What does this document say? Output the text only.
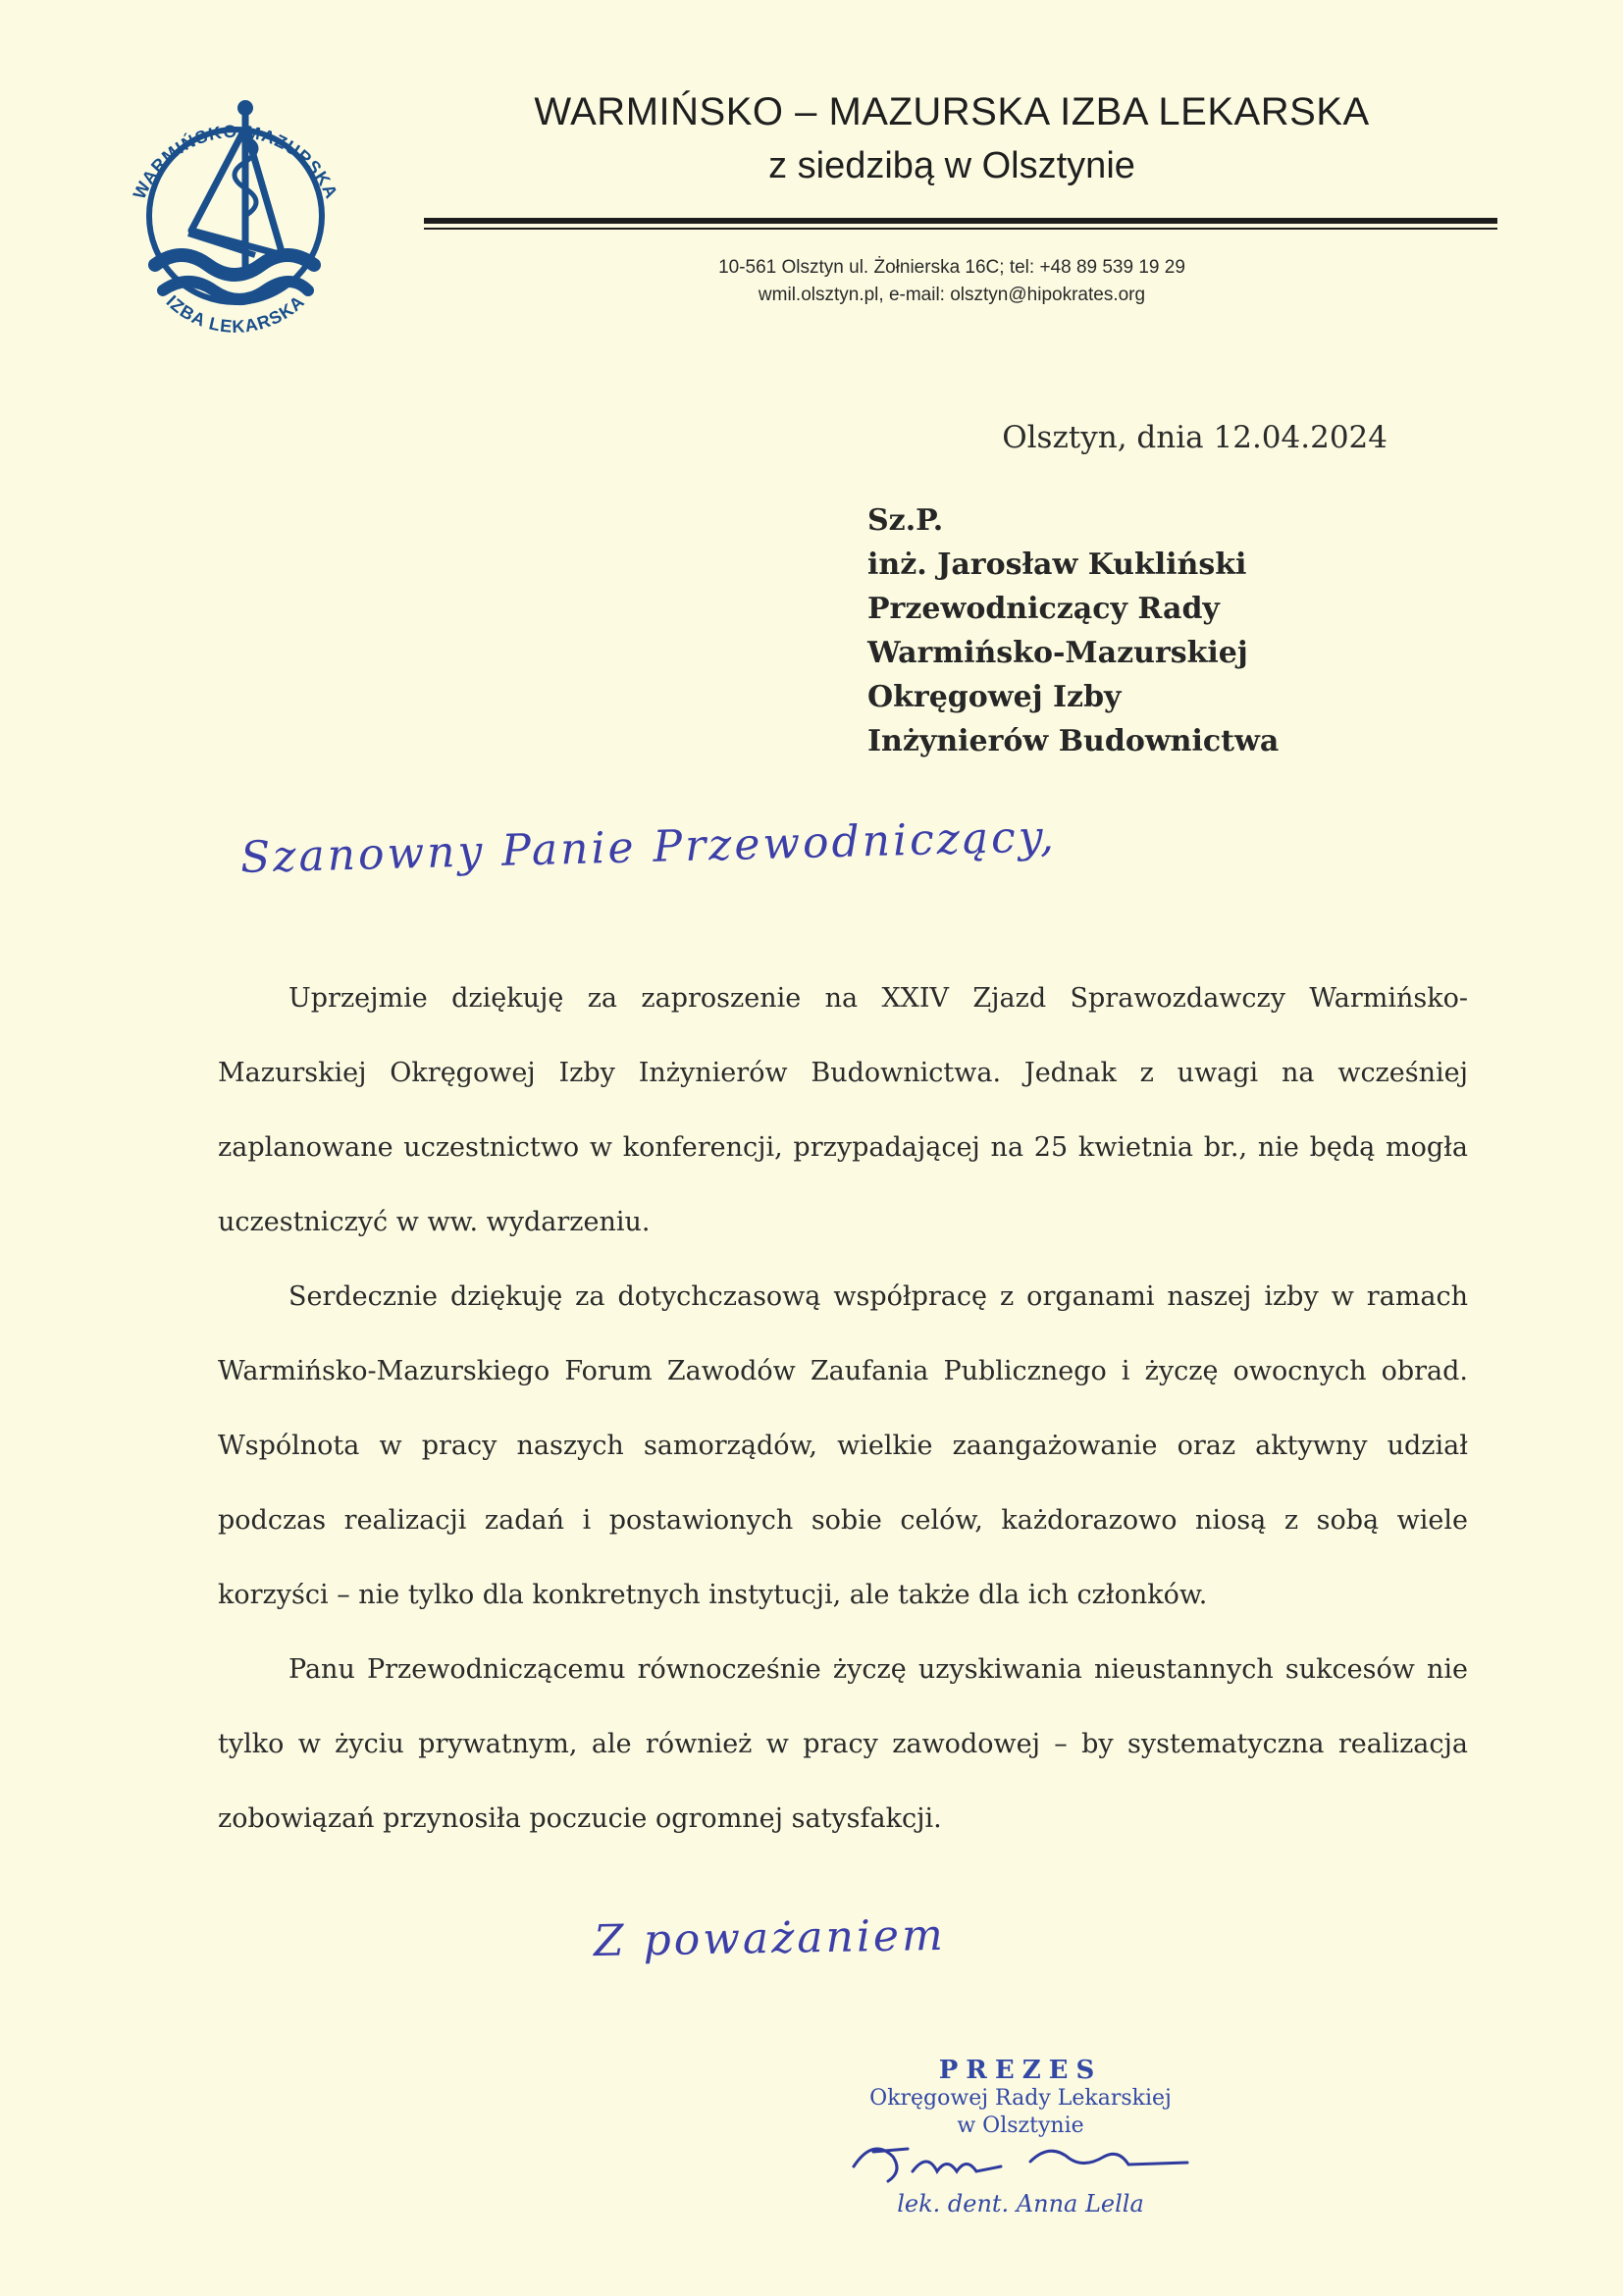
WARMIŃSKO-MAZURSKA
IZBA LEKARSKA
WARMIŃSKO – MAZURSKA IZBA LEKARSKA
z siedzibą w Olsztynie
10-561 Olsztyn ul. Żołnierska 16C; tel: +48 89 539 19 29
wmil.olsztyn.pl, e-mail: olsztyn@hipokrates.org
Olsztyn, dnia 12.04.2024
Sz.P.
inż. Jarosław Kukliński
Przewodniczący Rady
Warmińsko-Mazurskiej
Okręgowej Izby
Inżynierów Budownictwa
Szanowny Panie Przewodniczący,

Uprzejmie dziękuję za zaproszenie na XXIV Zjazd Sprawozdawczy Warmińsko-Mazurskiej Okręgowej Izby Inżynierów Budownictwa. Jednak z uwagi na wcześniej zaplanowane uczestnictwo w konferencji, przypadającej na 25 kwietnia br., nie będą mogła uczestniczyć w ww. wydarzeniu.

Serdecznie dziękuję za dotychczasową współpracę z organami naszej izby w ramach Warmińsko-Mazurskiego Forum Zawodów Zaufania Publicznego i życzę owocnych obrad. Wspólnota w pracy naszych samorządów, wielkie zaangażowanie oraz aktywny udział podczas realizacji zadań i postawionych sobie celów, każdorazowo niosą z sobą wiele korzyści – nie tylko dla konkretnych instytucji, ale także dla ich członków.

Panu Przewodniczącemu równocześnie życzę uzyskiwania nieustannych sukcesów nie tylko w życiu prywatnym, ale również w pracy zawodowej – by systematyczna realizacja zobowiązań przynosiła poczucie ogromnej satysfakcji.

Z poważaniem
PREZES
Okręgowej Rady Lekarskiej
w Olsztynie
lek. dent. Anna Lella
